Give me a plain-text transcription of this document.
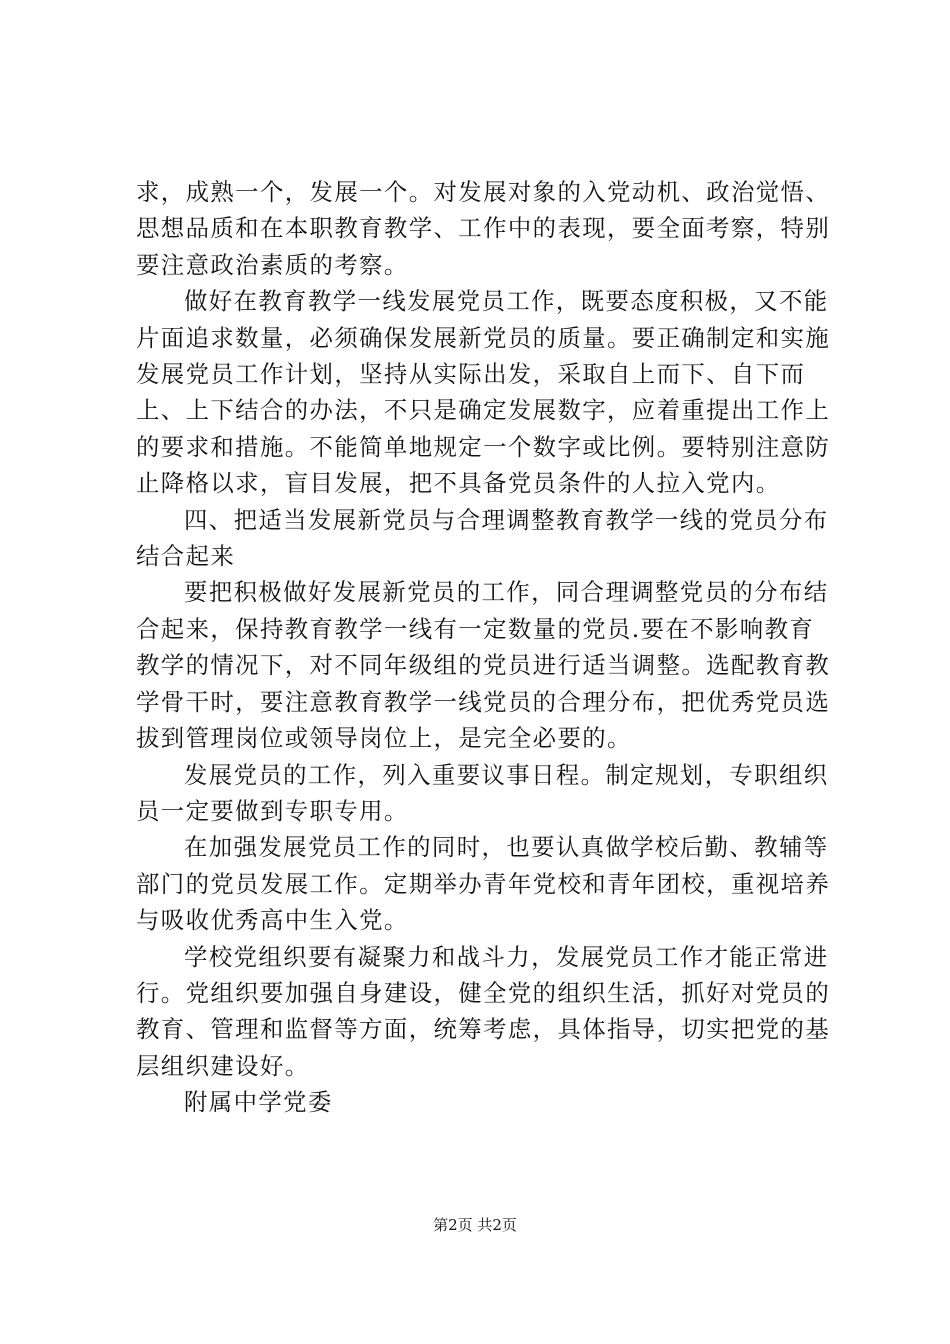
求，成熟一个，发展一个。对发展对象的入党动机、政治觉悟、思想品质和在本职教育教学、工作中的表现，要全面考察，特别要注意政治素质的考察。

做好在教育教学一线发展党员工作，既要态度积极，又不能片面追求数量，必须确保发展新党员的质量。要正确制定和实施发展党员工作计划，坚持从实际出发，采取自上而下、自下而上、上下结合的办法，不只是确定发展数字，应着重提出工作上的要求和措施。不能简单地规定一个数字或比例。要特别注意防止降格以求，盲目发展，把不具备党员条件的人拉入党内。

四、把适当发展新党员与合理调整教育教学一线的党员分布结合起来

要把积极做好发展新党员的工作，同合理调整党员的分布结合起来，保持教育教学一线有一定数量的党员.要在不影响教育教学的情况下，对不同年级组的党员进行适当调整。选配教育教学骨干时，要注意教育教学一线党员的合理分布，把优秀党员选拔到管理岗位或领导岗位上，是完全必要的。

发展党员的工作，列入重要议事日程。制定规划，专职组织员一定要做到专职专用。

在加强发展党员工作的同时，也要认真做学校后勤、教辅等部门的党员发展工作。定期举办青年党校和青年团校，重视培养与吸收优秀高中生入党。

学校党组织要有凝聚力和战斗力，发展党员工作才能正常进行。党组织要加强自身建设，健全党的组织生活，抓好对党员的教育、管理和监督等方面，统筹考虑，具体指导，切实把党的基层组织建设好。

附属中学党委

第2页 共2页
